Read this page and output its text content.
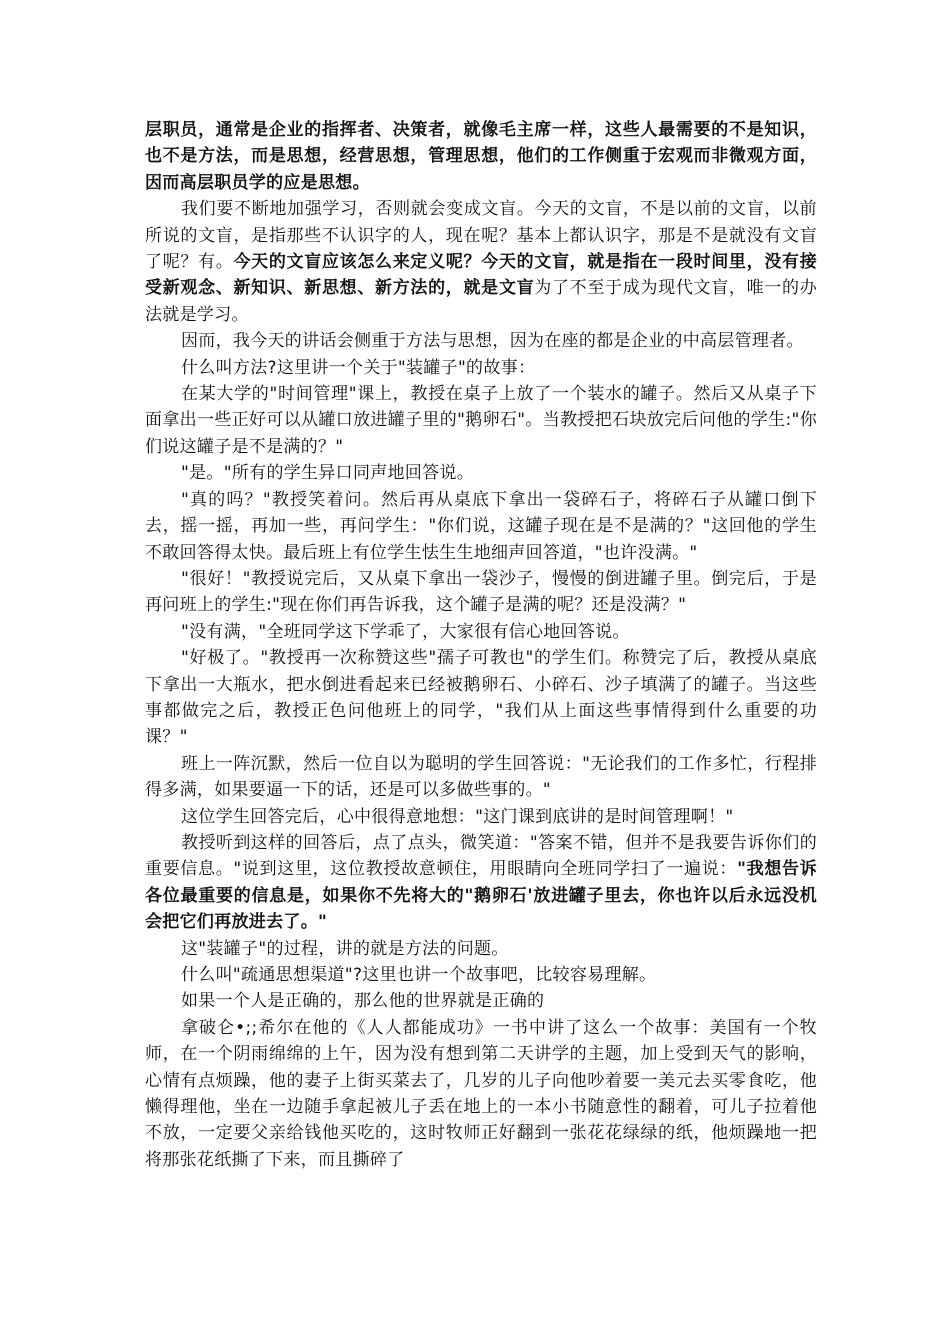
层职员，通常是企业的指挥者、决策者，就像毛主席一样，这些人最需要的不是知识，也不是方法，而是思想，经营思想，管理思想，他们的工作侧重于宏观而非微观方面，因而高层职员学的应是思想。

我们要不断地加强学习，否则就会变成文盲。今天的文盲，不是以前的文盲，以前所说的文盲，是指那些不认识字的人，现在呢？基本上都认识字，那是不是就没有文盲了呢？有。今天的文盲应该怎么来定义呢？今天的文盲，就是指在一段时间里，没有接受新观念、新知识、新思想、新方法的，就是文盲为了不至于成为现代文盲，唯一的办法就是学习。

因而，我今天的讲话会侧重于方法与思想，因为在座的都是企业的中高层管理者。

什么叫方法?这里讲一个关于"装罐子"的故事：

在某大学的"时间管理"课上，教授在桌子上放了一个装水的罐子。然后又从桌子下面拿出一些正好可以从罐口放进罐子里的"鹅卵石"。当教授把石块放完后问他的学生:"你们说这罐子是不是满的？"

"是。"所有的学生异口同声地回答说。

"真的吗？"教授笑着问。然后再从桌底下拿出一袋碎石子，将碎石子从罐口倒下去，摇一摇，再加一些，再问学生："你们说，这罐子现在是不是满的？"这回他的学生不敢回答得太快。最后班上有位学生怯生生地细声回答道，"也许没满。"

"很好！"教授说完后，又从桌下拿出一袋沙子，慢慢的倒进罐子里。倒完后，于是再问班上的学生:"现在你们再告诉我，这个罐子是满的呢？还是没满？"

"没有满，"全班同学这下学乖了，大家很有信心地回答说。

"好极了。"教授再一次称赞这些"孺子可教也"的学生们。称赞完了后，教授从桌底下拿出一大瓶水，把水倒进看起来已经被鹅卵石、小碎石、沙子填满了的罐子。当这些事都做完之后，教授正色问他班上的同学，"我们从上面这些事情得到什么重要的功课？"

班上一阵沉默，然后一位自以为聪明的学生回答说："无论我们的工作多忙，行程排得多满，如果要逼一下的话，还是可以多做些事的。"

这位学生回答完后，心中很得意地想："这门课到底讲的是时间管理啊！"

教授听到这样的回答后，点了点头，微笑道："答案不错，但并不是我要告诉你们的重要信息。"说到这里，这位教授故意顿住，用眼睛向全班同学扫了一遍说："我想告诉各位最重要的信息是，如果你不先将大的"鹅卵石'放进罐子里去，你也许以后永远没机会把它们再放进去了。"

这"装罐子"的过程，讲的就是方法的问题。

什么叫"疏通思想渠道"?这里也讲一个故事吧，比较容易理解。

如果一个人是正确的，那么他的世界就是正确的

拿破仑•;;希尔在他的《人人都能成功》一书中讲了这么一个故事：美国有一个牧师，在一个阴雨绵绵的上午，因为没有想到第二天讲学的主题，加上受到天气的影响，心情有点烦躁，他的妻子上街买菜去了，几岁的儿子向他吵着要一美元去买零食吃，他懒得理他，坐在一边随手拿起被儿子丢在地上的一本小书随意性的翻着，可儿子拉着他不放，一定要父亲给钱他买吃的，这时牧师正好翻到一张花花绿绿的纸，他烦躁地一把将那张花纸撕了下来，而且撕碎了
